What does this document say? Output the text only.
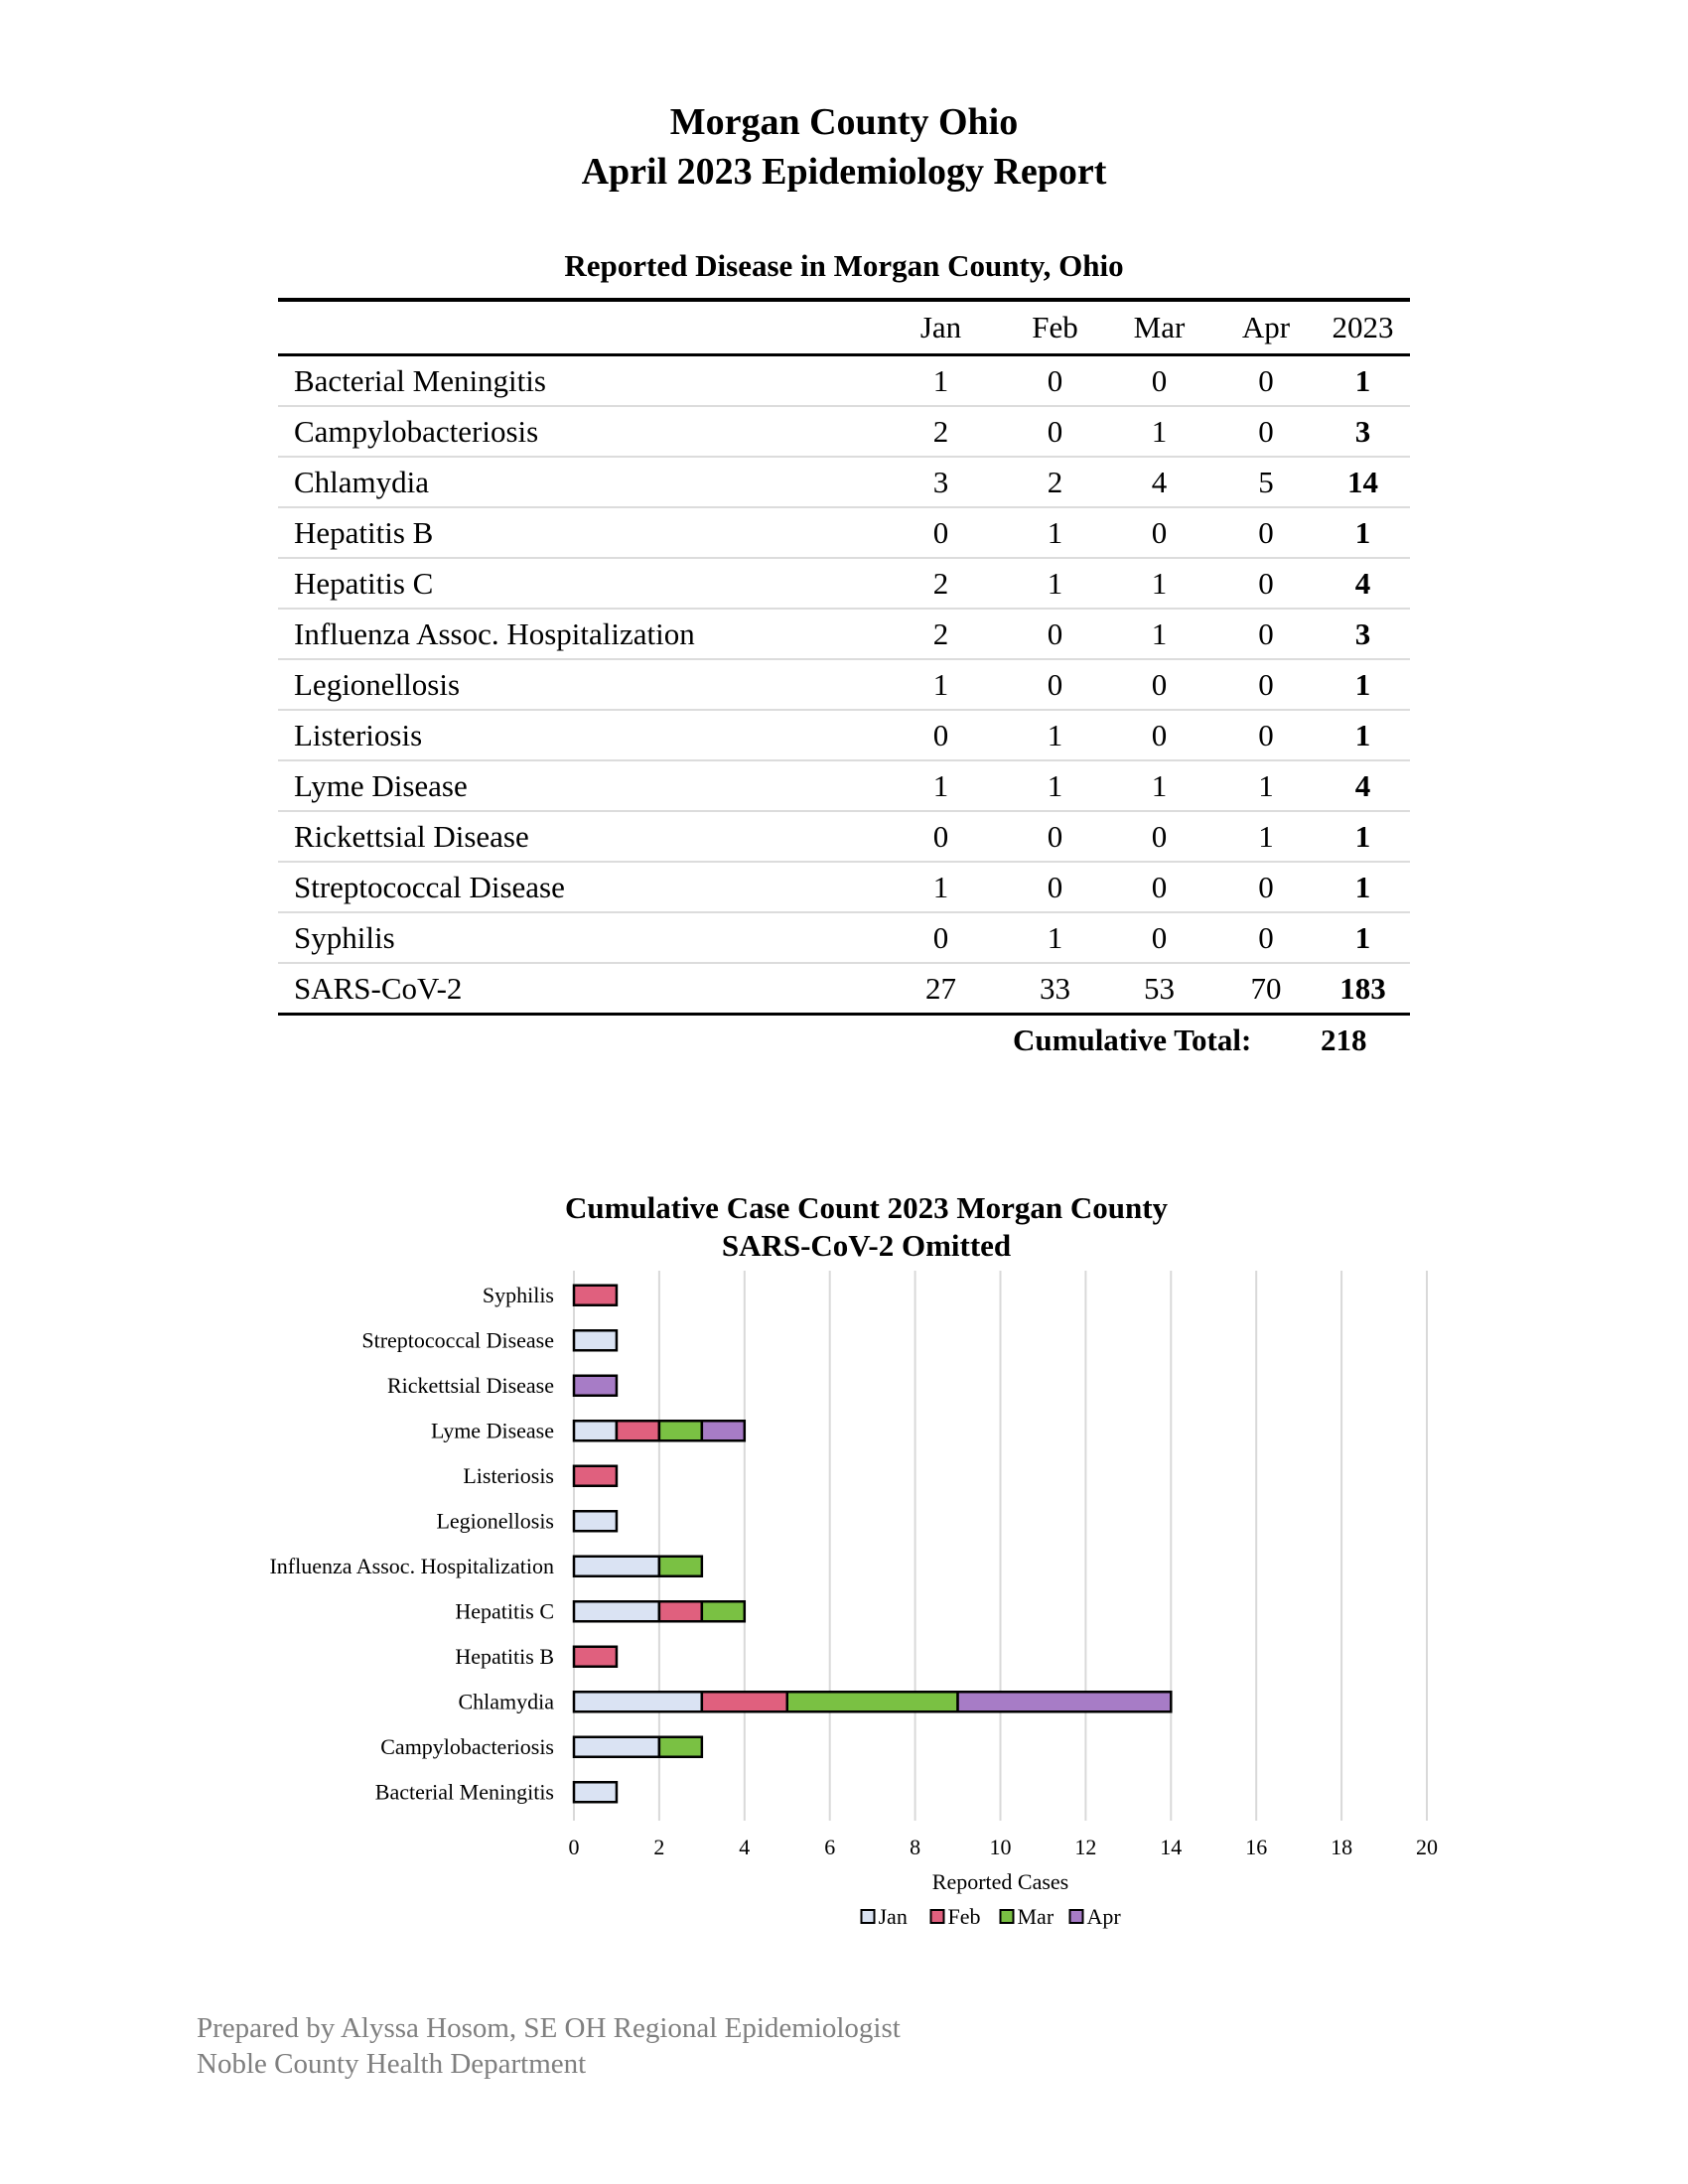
Morgan County Ohio
April 2023 Epidemiology Report
Reported Disease in Morgan County, Ohio
	Jan	Feb	Mar	Apr	2023
Bacterial Meningitis	1	0	0	0	1
Campylobacteriosis	2	0	1	0	3
Chlamydia	3	2	4	5	14
Hepatitis B	0	1	0	0	1
Hepatitis C	2	1	1	0	4
Influenza Assoc. Hospitalization	2	0	1	0	3
Legionellosis	1	0	0	0	1
Listeriosis	0	1	0	0	1
Lyme Disease	1	1	1	1	4
Rickettsial Disease	0	0	0	1	1
Streptococcal Disease	1	0	0	0	1
Syphilis	0	1	0	0	1
SARS-CoV-2	27	33	53	70	183
Cumulative Total: 218
Cumulative Case Count 2023 Morgan County
SARS-CoV-2 Omitted
Syphilis
Streptococcal Disease
Rickettsial Disease
Lyme Disease
Listeriosis
Legionellosis
Influenza Assoc. Hospitalization
Hepatitis C
Hepatitis B
Chlamydia
Campylobacteriosis
Bacterial Meningitis
0	2	4	6	8	10	12	14	16	18	20
Reported Cases
Jan Feb Mar Apr
Prepared by Alyssa Hosom, SE OH Regional Epidemiologist
Noble County Health Department
